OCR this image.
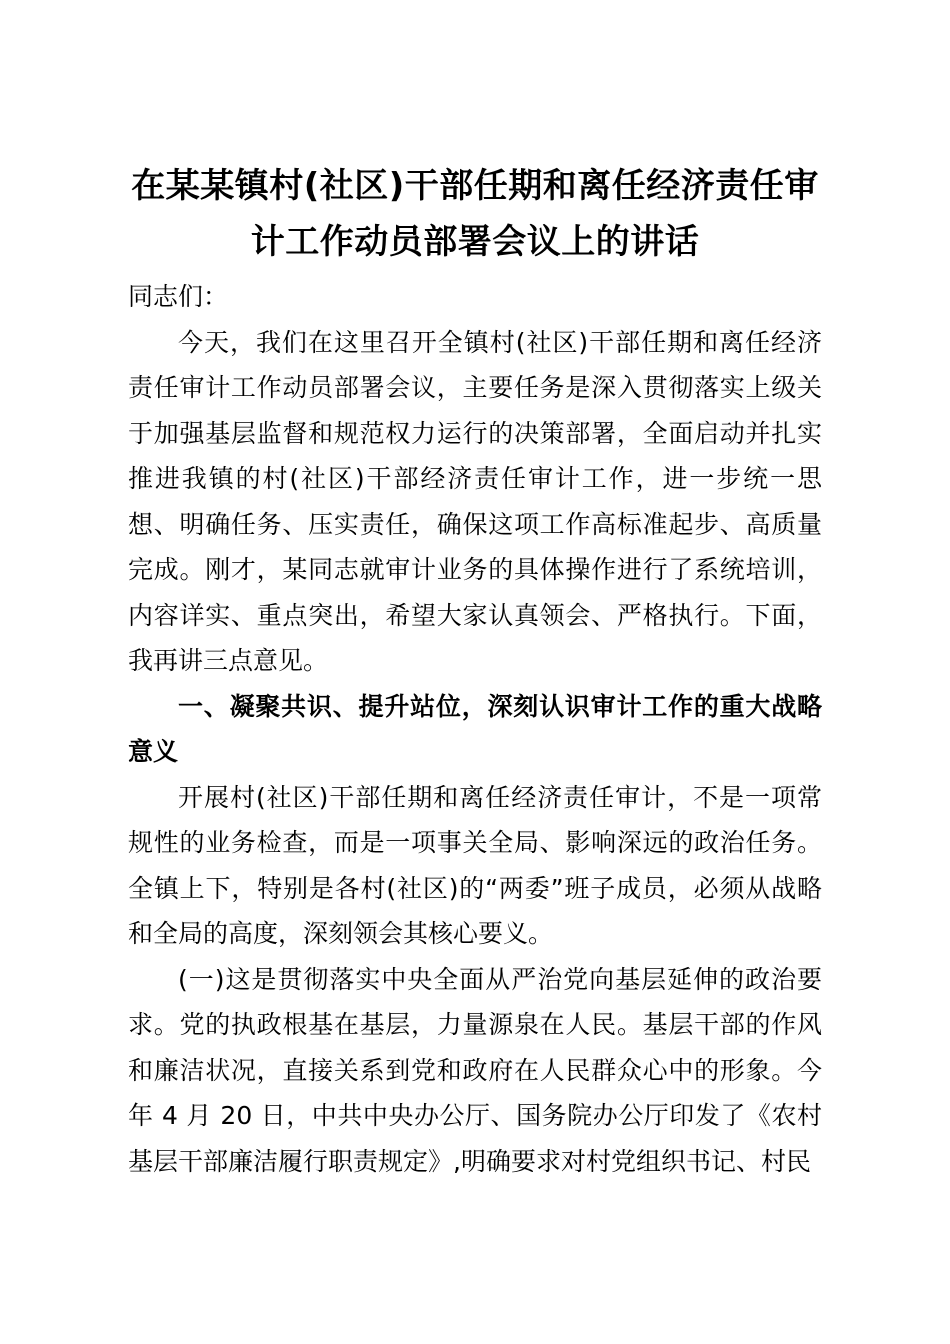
在某某镇村(社区)干部任期和离任经济责任审计工作动员部署会议上的讲话

同志们：

今天，我们在这里召开全镇村(社区)干部任期和离任经济责任审计工作动员部署会议，主要任务是深入贯彻落实上级关于加强基层监督和规范权力运行的决策部署，全面启动并扎实推进我镇的村(社区)干部经济责任审计工作，进一步统一思想、明确任务、压实责任，确保这项工作高标准起步、高质量完成。刚才，某同志就审计业务的具体操作进行了系统培训，内容详实、重点突出，希望大家认真领会、严格执行。下面，我再讲三点意见。

一、凝聚共识、提升站位，深刻认识审计工作的重大战略意义

开展村(社区)干部任期和离任经济责任审计，不是一项常规性的业务检查，而是一项事关全局、影响深远的政治任务。全镇上下，特别是各村(社区)的“两委”班子成员，必须从战略和全局的高度，深刻领会其核心要义。

(一)这是贯彻落实中央全面从严治党向基层延伸的政治要求。党的执政根基在基层，力量源泉在人民。基层干部的作风和廉洁状况，直接关系到党和政府在人民群众心中的形象。今年 4 月 20 日，中共中央办公厅、国务院办公厅印发了《农村基层干部廉洁履行职责规定》,明确要求对村党组织书记、村民
